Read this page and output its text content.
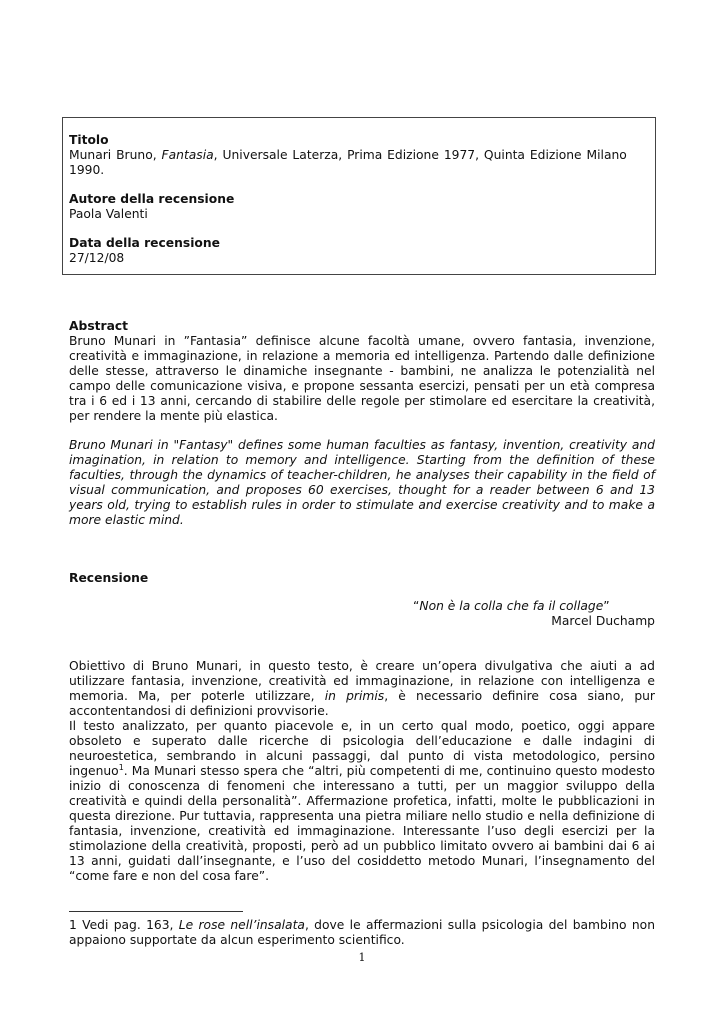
Titolo
Munari Bruno, Fantasia, Universale Laterza, Prima Edizione 1977, Quinta Edizione Milano
1990.
Autore della recensione
Paola Valenti
Data della recensione
27/12/08
Abstract
Bruno Munari in ”Fantasia” definisce alcune facoltà umane, ovvero fantasia, invenzione, creatività e immaginazione, in relazione a memoria ed intelligenza. Partendo dalle definizione delle stesse, attraverso le dinamiche insegnante - bambini, ne analizza le potenzialità nel campo delle comunicazione visiva, e propone sessanta esercizi, pensati per un età compresa tra i 6 ed i 13 anni, cercando di stabilire delle regole per stimolare ed esercitare la creatività, per rendere la mente più elastica.
Bruno Munari in "Fantasy" defines some human faculties as fantasy, invention, creativity and imagination, in relation to memory and intelligence. Starting from the definition of these faculties, through the dynamics of teacher-children, he analyses their capability in the field of visual communication, and proposes 60 exercises, thought for a reader between 6 and 13 years old, trying to establish rules in order to stimulate and exercise creativity and to make a more elastic mind.
Recensione
“Non è la colla che fa il collage”
Marcel Duchamp
Obiettivo di Bruno Munari, in questo testo, è creare un’opera divulgativa che aiuti a ad utilizzare fantasia, invenzione, creatività ed immaginazione, in relazione con intelligenza e memoria. Ma, per poterle utilizzare, in primis, è necessario definire cosa siano, pur accontentandosi di definizioni provvisorie.
Il testo analizzato, per quanto piacevole e, in un certo qual modo, poetico, oggi appare obsoleto e superato dalle ricerche di psicologia dell’educazione e dalle indagini di neuroestetica, sembrando in alcuni passaggi, dal punto di vista metodologico, persino ingenuo$^1$. Ma Munari stesso spera che “altri, più competenti di me, continuino questo modesto inizio di conoscenza di fenomeni che interessano a tutti, per un maggior sviluppo della creatività e quindi della personalità”. Affermazione profetica, infatti, molte le pubblicazioni in questa direzione. Pur tuttavia, rappresenta una pietra miliare nello studio e nella definizione di fantasia, invenzione, creatività ed immaginazione. Interessante l’uso degli esercizi per la stimolazione della creatività, proposti, però ad un pubblico limitato ovvero ai bambini dai 6 ai 13 anni, guidati dall’insegnante, e l’uso del cosiddetto metodo Munari, l’insegnamento del “come fare e non del cosa fare”.
1 Vedi pag. 163, Le rose nell’insalata, dove le affermazioni sulla psicologia del bambino non appaiono supportate da alcun esperimento scientifico.
1
